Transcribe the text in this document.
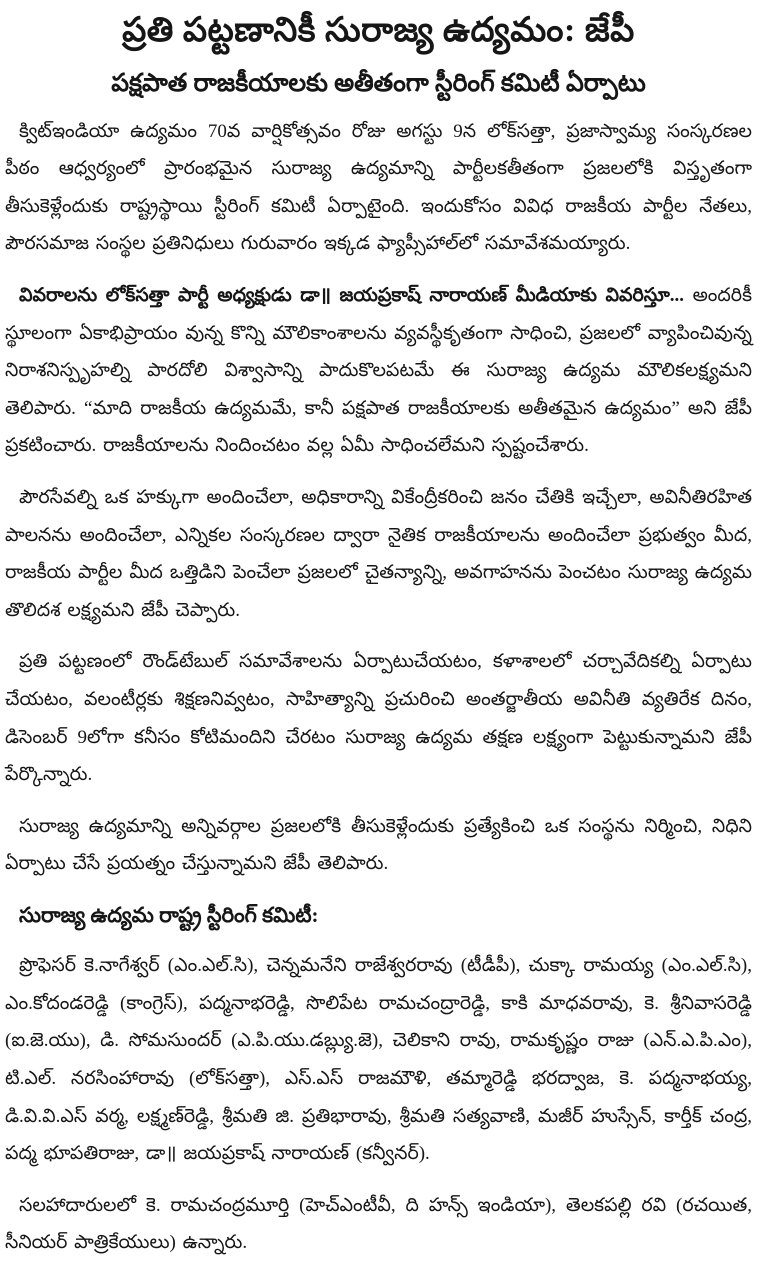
ప్రతి పట్టణానికీ సురాజ్య ఉద్యమం: జేపీ
పక్షపాత రాజకీయాలకు అతీతంగా స్టీరింగ్ కమిటీ ఏర్పాటు

క్విట్‌ఇండియా ఉద్యమం 70వ వార్షికోత్సవం రోజు అగస్టు 9న లోక్‌సత్తా, ప్రజాస్వామ్య సంస్కరణల పీఠం ఆధ్వర్యంలో ప్రారంభమైన సురాజ్య ఉద్యమాన్ని పార్టీలకతీతంగా ప్రజలలోకి విస్తృతంగా తీసుకెళ్లేందుకు రాష్ట్రస్థాయి స్టీరింగ్ కమిటీ ఏర్పాటైంది. ఇందుకోసం వివిధ రాజకీయ పార్టీల నేతలు, పౌరసమాజ సంస్థల ప్రతినిధులు గురువారం ఇక్కడ ఫ్యాప్సీహాల్‌లో సమావేశమయ్యారు.

వివరాలను లోక్‌సత్తా పార్టీ అధ్యక్షుడు డా॥ జయప్రకాష్ నారాయణ్ మీడియాకు వివరిస్తూ... అందరికీ స్థూలంగా ఏకాభిప్రాయం వున్న కొన్ని మౌలికాంశాలను వ్యవస్థీకృతంగా సాధించి, ప్రజలలో వ్యాపించివున్న నిరాశనిస్పృహల్ని పారదోలి విశ్వాసాన్ని పాదుకొలపటమే ఈ సురాజ్య ఉద్యమ మౌలికలక్ష్యమని తెలిపారు. “మాది రాజకీయ ఉద్యమమే, కానీ పక్షపాత రాజకీయాలకు అతీతమైన ఉద్యమం” అని జేపీ ప్రకటించారు. రాజకీయాలను నిందించటం వల్ల ఏమీ సాధించలేమని స్పష్టంచేశారు.

పౌరసేవల్ని ఒక హక్కుగా అందించేలా, అధికారాన్ని వికేంద్రీకరించి జనం చేతికి ఇచ్చేలా, అవినీతిరహిత పాలనను అందించేలా, ఎన్నికల సంస్కరణల ద్వారా నైతిక రాజకీయాలను అందించేలా ప్రభుత్వం మీద, రాజకీయ పార్టీల మీద ఒత్తిడిని పెంచేలా ప్రజలలో చైతన్యాన్ని, అవగాహనను పెంచటం సురాజ్య ఉద్యమ తొలిదశ లక్ష్యమని జేపీ చెప్పారు.

ప్రతి పట్టణంలో రౌండ్‌టేబుల్ సమావేశాలను ఏర్పాటుచేయటం, కళాశాలలో చర్చావేదికల్ని ఏర్పాటు చేయటం, వలంటీర్లకు శిక్షణనివ్వటం, సాహిత్యాన్ని ప్రచురించి అంతర్జాతీయ అవినీతి వ్యతిరేక దినం, డిసెంబర్ 9లోగా కనీసం కోటిమందిని చేరటం సురాజ్య ఉద్యమ తక్షణ లక్ష్యంగా పెట్టుకున్నామని జేపీ పేర్కొన్నారు.

సురాజ్య ఉద్యమాన్ని అన్నివర్గాల ప్రజలలోకి తీసుకెళ్లేందుకు ప్రత్యేకించి ఒక సంస్థను నిర్మించి, నిధిని ఏర్పాటు చేసే ప్రయత్నం చేస్తున్నామని జేపీ తెలిపారు.

సురాజ్య ఉద్యమ రాష్ట్ర స్టీరింగ్ కమిటీ:

ప్రొఫెసర్ కె.నాగేశ్వర్ (ఎం.ఎల్.సి), చెన్నమనేని రాజేశ్వరరావు (టీడీపీ), చుక్కా రామయ్య (ఎం.ఎల్.సి), ఎం.కోదండరెడ్డి (కాంగ్రెస్), పద్మనాభరెడ్డి, సొలిపేట రామచంద్రారెడ్డి, కాకి మాధవరావు, కె. శ్రీనివాసరెడ్డి (ఐ.జె.యు), డి. సోమసుందర్ (ఎ.పి.యు.డబ్ల్యు.జె), చెలికాని రావు, రామకృష్ణం రాజు (ఎన్.ఎ.పి.ఎం), టి.ఎల్. నరసింహారావు (లోక్‌సత్తా), ఎస్.ఎస్ రాజమౌళి, తమ్మారెడ్డి భరద్వాజ, కె. పద్మనాభయ్య, డి.వి.వి.ఎస్ వర్మ, లక్ష్మణ్‌రెడ్డి, శ్రీమతి జి. ప్రతిభారావు, శ్రీమతి సత్యవాణి, మజీర్ హుస్సేన్, కార్తీక్ చంద్ర, పద్మ భూపతిరాజు, డా॥ జయప్రకాష్ నారాయణ్ (కన్వీనర్).

సలహాదారులలో కె. రామచంద్రమూర్తి (హెచ్‌ఎంటీవీ, ది హన్స్ ఇండియా), తెలకపల్లి రవి (రచయిత, సీనియర్ పాత్రికేయులు) ఉన్నారు.
